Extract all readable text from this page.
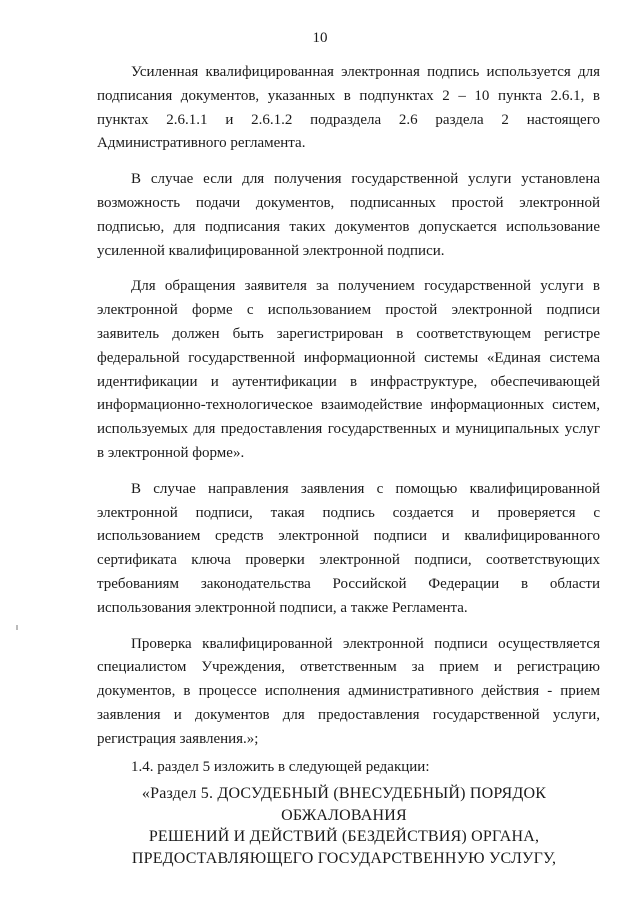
10

Усиленная квалифицированная электронная подпись используется для подписания документов, указанных в подпунктах 2 – 10 пункта 2.6.1, в пунктах 2.6.1.1 и 2.6.1.2 подраздела 2.6 раздела 2 настоящего Административного регламента.

В случае если для получения государственной услуги установлена возможность подачи документов, подписанных простой электронной подписью, для подписания таких документов допускается использование усиленной квалифицированной электронной подписи.

Для обращения заявителя за получением государственной услуги в электронной форме с использованием простой электронной подписи заявитель должен быть зарегистрирован в соответствующем регистре федеральной государственной информационной системы «Единая система идентификации и аутентификации в инфраструктуре, обеспечивающей информационно-технологическое взаимодействие информационных систем, используемых для предоставления государственных и муниципальных услуг в электронной форме».

В случае направления заявления с помощью квалифицированной электронной подписи, такая подпись создается и проверяется с использованием средств электронной подписи и квалифицированного сертификата ключа проверки электронной подписи, соответствующих требованиям законодательства Российской Федерации в области использования электронной подписи, а также Регламента.

Проверка квалифицированной электронной подписи осуществляется специалистом Учреждения, ответственным за прием и регистрацию документов, в процессе исполнения административного действия - прием заявления и документов для предоставления государственной услуги, регистрация заявления.»;

1.4. раздел 5 изложить в следующей редакции:

«Раздел 5. ДОСУДЕБНЫЙ (ВНЕСУДЕБНЫЙ) ПОРЯДОК ОБЖАЛОВАНИЯ
РЕШЕНИЙ И ДЕЙСТВИЙ (БЕЗДЕЙСТВИЯ) ОРГАНА,
ПРЕДОСТАВЛЯЮЩЕГО ГОСУДАРСТВЕННУЮ УСЛУГУ,
